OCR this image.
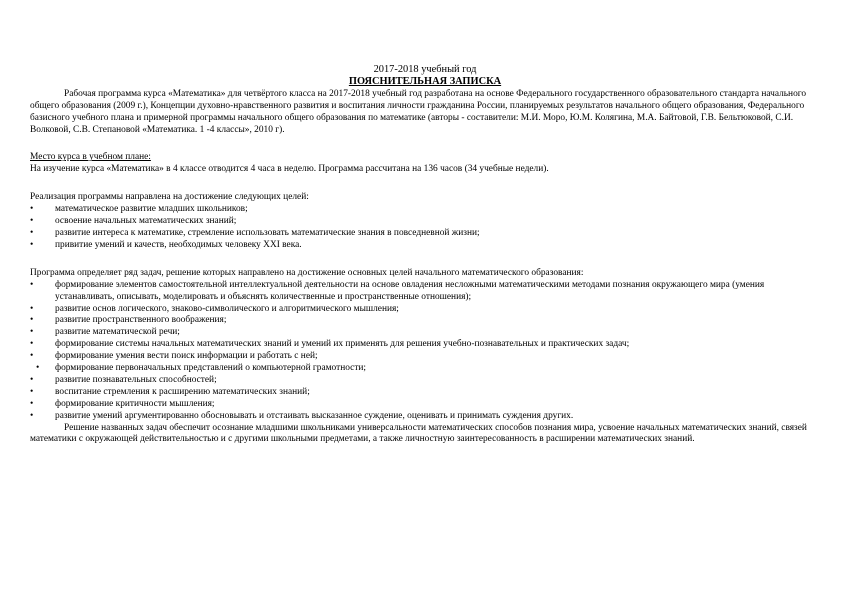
2017-2018 учебный год
ПОЯСНИТЕЛЬНАЯ ЗАПИСКА

Рабочая программа курса «Математика» для четвёртого класса на 2017-2018 учебный год разработана на основе Федерального государственного образовательного стандарта начального общего образования (2009 г.), Концепции духовно-нравственного развития и воспитания личности гражданина России, планируемых результатов начального общего образования, Федерального базисного учебного плана и примерной программы начального общего образования по математике (авторы - составители: М.И. Моро, Ю.М. Колягина, М.А. Байтовой, Г.В. Бельтюковой, С.И. Волковой, С.В. Степановой «Математика. 1 -4 классы», 2010 г).

Место курса в учебном плане:
На изучение курса «Математика» в 4 классе отводится 4 часа в неделю. Программа рассчитана на 136 часов (34 учебные недели).
Реализация программы направлена на достижение следующих целей:
•	математическое развитие младших школьников;
•	освоение начальных математических знаний;
•	развитие интереса к математике, стремление использовать математические знания в повседневной жизни;
•	привитие умений и качеств, необходимых человеку XXI века.
Программа определяет ряд задач, решение которых направлено на достижение основных целей начального математического образования:
•	формирование элементов самостоятельной интеллектуальной деятельности на основе овладения несложными математическими методами познания окружающего мира (умения устанавливать, описывать, моделировать и объяснять количественные и пространственные отношения);
•	развитие основ логического, знаково-символического и алгоритмического мышления;
•	развитие пространственного воображения;
•	развитие математической речи;
•	формирование системы начальных математических знаний и умений их применять для решения учебно-познавательных и практических задач;
•	формирование умения вести поиск информации и работать с ней;
•	формирование первоначальных представлений о компьютерной грамотности;
•	развитие познавательных способностей;
•	воспитание стремления к расширению математических знаний;
•	формирование критичности мышления;
•	развитие умений аргументированно обосновывать и отстаивать высказанное суждение, оценивать и принимать суждения других.

Решение названных задач обеспечит осознание младшими школьниками универсальности математических способов познания мира, усвоение начальных математических знаний, связей математики с окружающей действительностью и с другими школьными предметами, а также личностную заинтересованность в расширении математических знаний.
